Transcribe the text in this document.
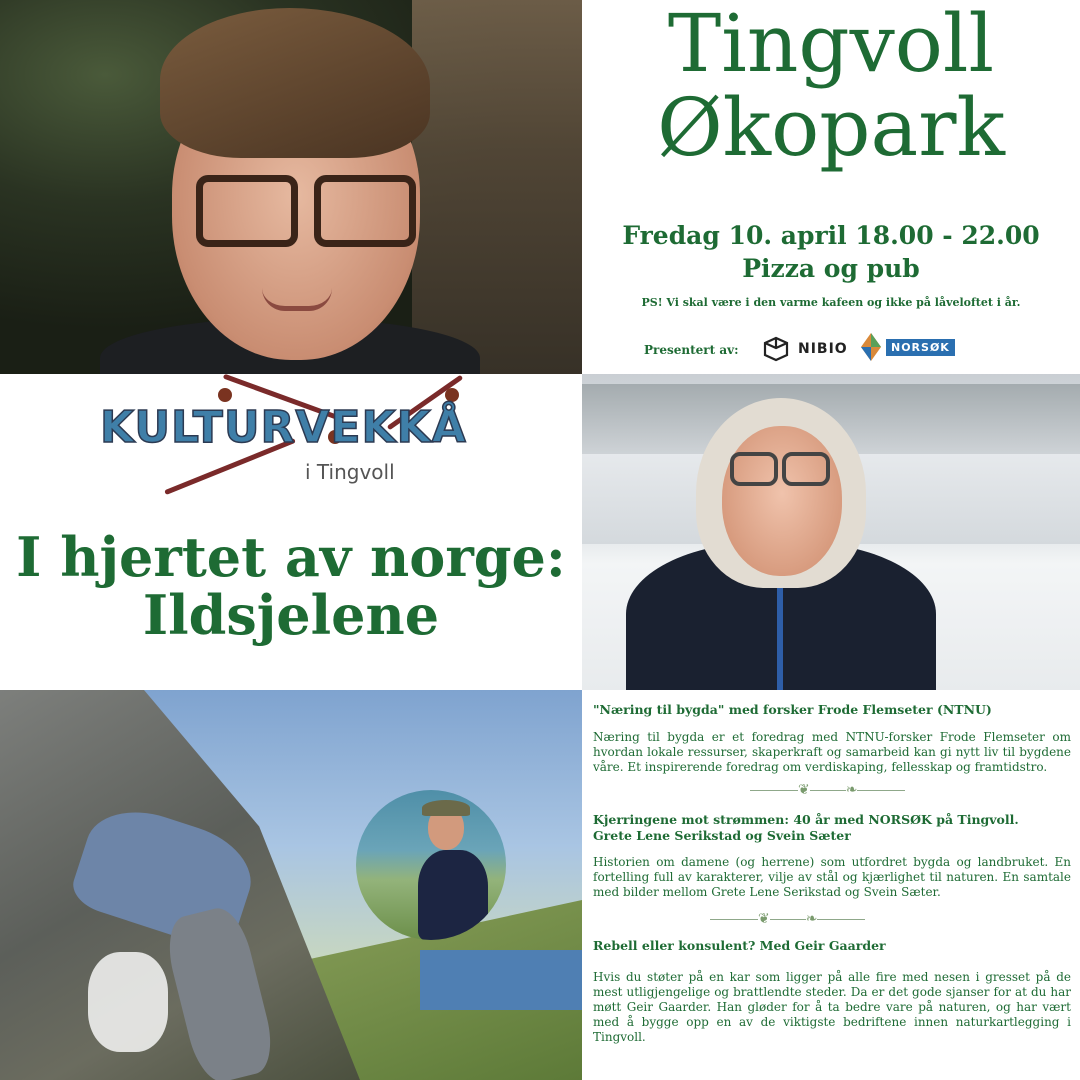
Tingvoll
Økopark
Fredag 10. april 18.00 - 22.00
Pizza og pub
PS! Vi skal være i den varme kafeen og ikke på låveloftet i år.
Presentert av:	NIBIO	NORSØK
KULTURVEKKÅ
i Tingvoll
I hjertet av norge:
Ildsjelene
"Næring til bygda" med forsker Frode Flemseter (NTNU)
Næring til bygda er et foredrag med NTNU-forsker Frode Flemseter om hvordan lokale ressurser, skaperkraft og samarbeid kan gi nytt liv til bygdene våre. Et inspirerende foredrag om verdiskaping, fellesskap og framtidstro.
❦	❧
Kjerringene mot strømmen: 40 år med NORSØK på Tingvoll. Grete Lene Serikstad og Svein Sæter
Historien om damene (og herrene) som utfordret bygda og landbruket. En fortelling full av karakterer, vilje av stål og kjærlighet til naturen. En samtale med bilder mellom Grete Lene Serikstad og Svein Sæter.
❦	❧
Rebell eller konsulent? Med Geir Gaarder
Hvis du støter på en kar som ligger på alle fire med nesen i gresset på de mest utligjengelige og brattlendte steder. Da er det gode sjanser for at du har møtt Geir Gaarder. Han gløder for å ta bedre vare på naturen, og har vært med å bygge opp en av de viktigste bedriftene innen naturkartlegging i Tingvoll.
